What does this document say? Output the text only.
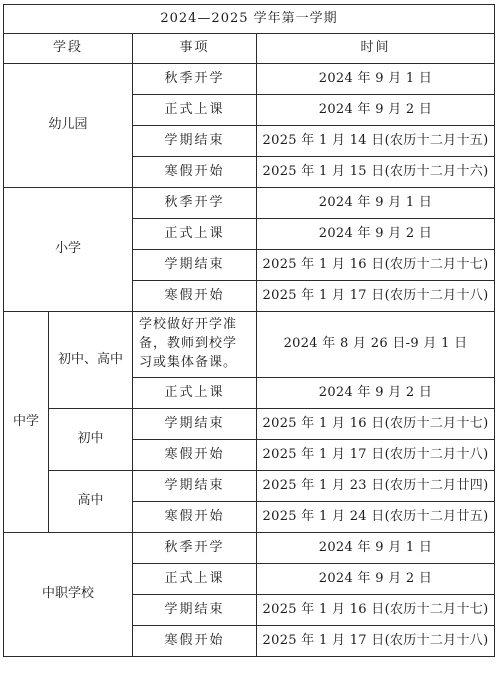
2024—2025 学年第一学期			
学段		事项	时间
幼儿园		秋季开学	2024 年 9 月 1 日
		正式上课	2024 年 9 月 2 日
		学期结束	2025 年 1 月 14 日(农历十二月十五)
		寒假开始	2025 年 1 月 15 日(农历十二月十六)
小学		秋季开学	2024 年 9 月 1 日
		正式上课	2024 年 9 月 2 日
		学期结束	2025 年 1 月 16 日(农历十二月十七)
		寒假开始	2025 年 1 月 17 日(农历十二月十八)
中学	初中、高中	学校做好开学准备，教师到校学习或集体备课。	2024 年 8 月 26 日-9 月 1 日
		正式上课	2024 年 9 月 2 日
	初中	学期结束	2025 年 1 月 16 日(农历十二月十七)
		寒假开始	2025 年 1 月 17 日(农历十二月十八)
	高中	学期结束	2025 年 1 月 23 日(农历十二月廿四)
		寒假开始	2025 年 1 月 24 日(农历十二月廿五)
中职学校		秋季开学	2024 年 9 月 1 日
		正式上课	2024 年 9 月 2 日
		学期结束	2025 年 1 月 16 日(农历十二月十七)
		寒假开始	2025 年 1 月 17 日(农历十二月十八)
